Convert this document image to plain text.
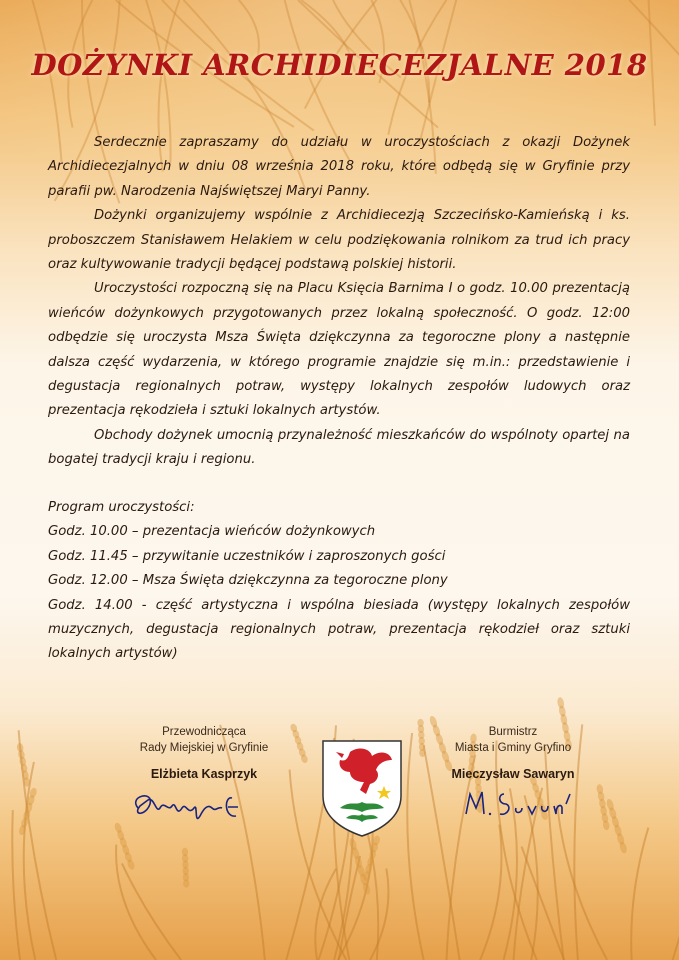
DOŻYNKI ARCHIDIECEZJALNE 2018

Serdecznie zapraszamy do udziału w uroczystościach z okazji Dożynek Archidiecezjalnych w dniu 08 września 2018 roku, które odbędą się w Gryfinie przy parafii pw. Narodzenia Najświętszej Maryi Panny.

Dożynki organizujemy wspólnie z Archidiecezją Szczecińsko-Kamieńską i ks. proboszczem Stanisławem Helakiem w celu podziękowania rolnikom za trud ich pracy oraz kultywowanie tradycji będącej podstawą polskiej historii.

Uroczystości rozpoczną się na Placu Księcia Barnima I o godz. 10.00 prezentacją wieńców dożynkowych przygotowanych przez lokalną społeczność. O godz. 12:00 odbędzie się uroczysta Msza Święta dziękczynna za tegoroczne plony a następnie dalsza część wydarzenia, w którego programie znajdzie się m.in.: przedstawienie i degustacja regionalnych potraw, występy lokalnych zespołów ludowych oraz prezentacja rękodzieła i sztuki lokalnych artystów.

Obchody dożynek umocnią przynależność mieszkańców do wspólnoty opartej na bogatej tradycji kraju i regionu.

Program uroczystości:

Godz. 10.00 – prezentacja wieńców dożynkowych

Godz. 11.45 – przywitanie uczestników i zaproszonych gości

Godz. 12.00 – Msza Święta dziękczynna za tegoroczne plony

Godz. 14.00 - część artystyczna i wspólna biesiada (występy lokalnych zespołów muzycznych, degustacja regionalnych potraw, prezentacja rękodzieł oraz sztuki lokalnych artystów)

Przewodnicząca
Rady Miejskiej w Gryfinie
Elżbieta Kasprzyk
Burmistrz
Miasta i Gminy Gryfino
Mieczysław Sawaryn
